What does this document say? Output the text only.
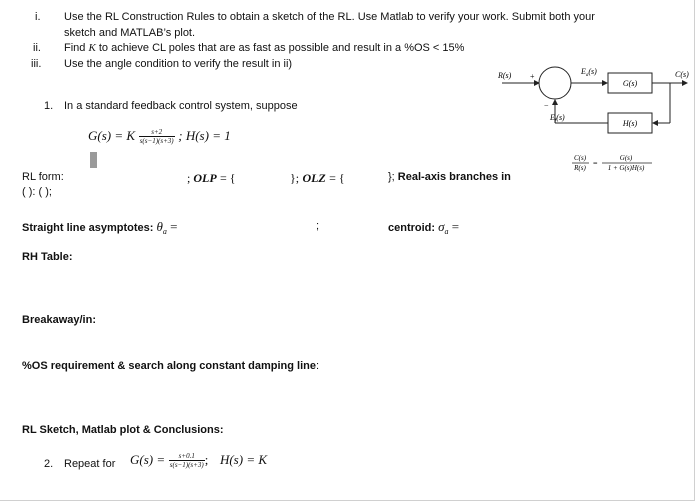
i. Use the RL Construction Rules to obtain a sketch of the RL. Use Matlab to verify your work. Submit both your
sketch and MATLAB’s plot.
ii. Find K to achieve CL poles that are as fast as possible and result in a %OS < 15%
iii. Use the angle condition to verify the result in ii)
1. In a standard feedback control system, suppose
G(s) = K $\frac{s+2}{s(s-1)(s+3)}$ ; H(s) = 1
RL form:
( ): ( );
; OLP = {	}; OLZ = {	}; Real-axis branches in
Straight line asymptotes: $\theta_a$ =	;	centroid: $\sigma_a$ =
RH Table:
Breakaway/in:
%OS requirement & search along constant damping line:
RL Sketch, Matlab plot & Conclusions:
2. Repeat for $G(s) = \frac{s+0.1}{s(s-1)(s+3)}$ ; H(s) = K
R(s) +
−
$E_a(s)$
G(s)
C(s)
$E_f(s)$
H(s)
C(s)
R(s) =
G(s)
1 + G(s)H(s)
